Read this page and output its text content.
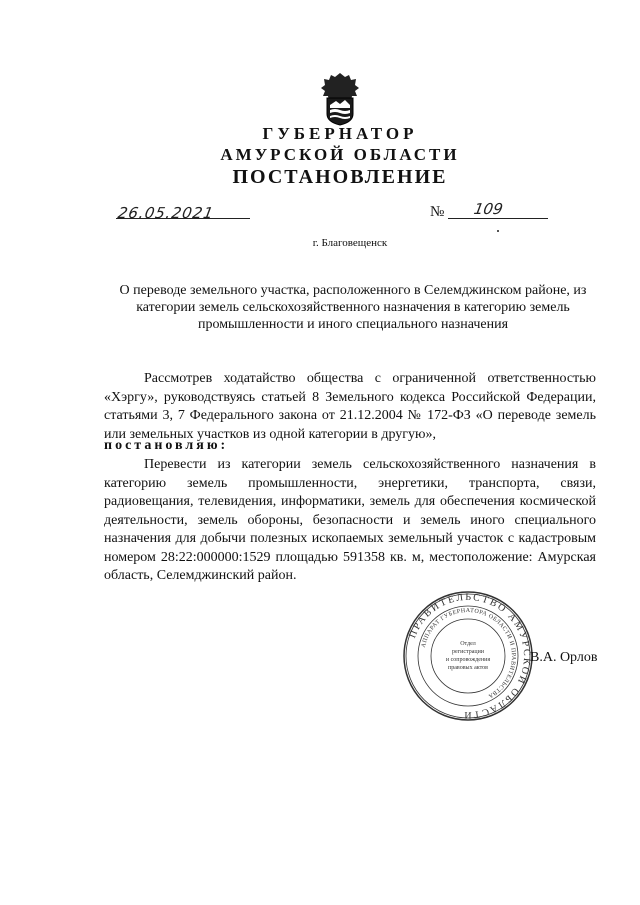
ГУБЕРНАТОР
АМУРСКОЙ ОБЛАСТИ
ПОСТАНОВЛЕНИЕ
26.05.2021	№ 109
г. Благовещенск
О переводе земельного участка, расположенного в Селемджинском районе, из категории земель сельскохозяйственного назначения в категорию земель промышленности и иного специального назначения
Рассмотрев ходатайство общества с ограниченной ответственностью «Хэргу», руководствуясь статьей 8 Земельного кодекса Российской Федерации, статьями 3, 7 Федерального закона от 21.12.2004 № 172-ФЗ «О переводе земель или земельных участков из одной категории в другую»,
постановляю:
Перевести из категории земель сельскохозяйственного назначения в категорию земель промышленности, энергетики, транспорта, связи, радиовещания, телевидения, информатики, земель для обеспечения космической деятельности, земель обороны, безопасности и земель иного специального назначения для добычи полезных ископаемых земельный участок с кадастровым номером 28:22:000000:1529 площадью 591358 кв. м, местоположение: Амурская область, Селемджинский район.
ПРАВИТЕЛЬСТВО АМУРСКОЙ ОБЛАСТИ
АППАРАТ ГУБЕРНАТОРА ОБЛАСТИ И ПРАВИТЕЛЬСТВА
Отдел
регистрации
и сопровождения
правовых актов
В.А. Орлов
